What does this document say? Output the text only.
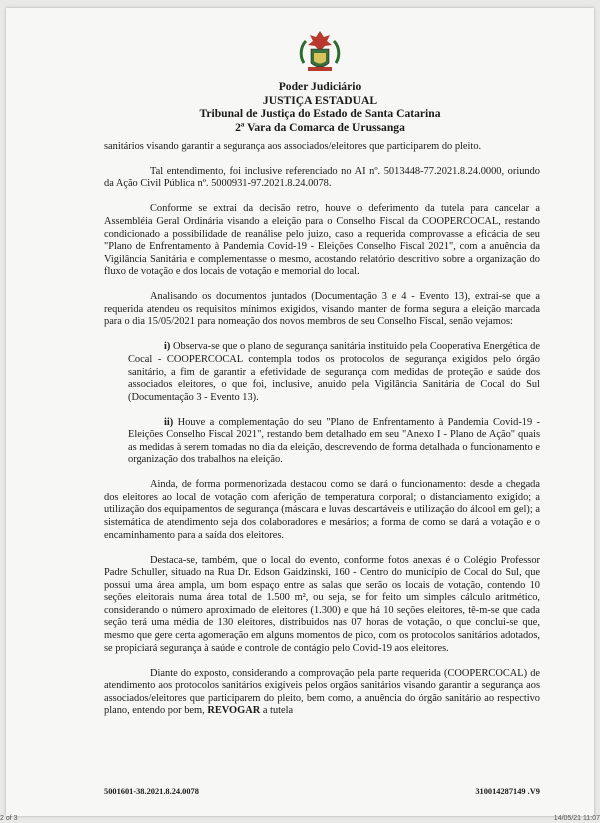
Poder Judiciário
JUSTIÇA ESTADUAL
Tribunal de Justiça do Estado de Santa Catarina
2ª Vara da Comarca de Urussanga

sanitários visando garantir a segurança aos associados/eleitores que participarem do pleito.

Tal entendimento, foi inclusive referenciado no AI nº. 5013448-77.2021.8.24.0000, oriundo da Ação Civil Pública nº. 5000931-97.2021.8.24.0078.

Conforme se extrai da decisão retro, houve o deferimento da tutela para cancelar a Assembléia Geral Ordinária visando a eleição para o Conselho Fiscal da COOPERCOCAL, restando condicionado a possibilidade de reanálise pelo juizo, caso a requerida comprovasse a eficácia de seu "Plano de Enfrentamento à Pandemia Covid-19 - Eleições Conselho Fiscal 2021", com a anuência da Vigilância Sanitária e complementasse o mesmo, acostando relatório descritivo sobre a organização do fluxo de votação e dos locais de votação e memorial do local.

Analisando os documentos juntados (Documentação 3 e 4 - Evento 13), extrai-se que a requerida atendeu os requisitos mínimos exigidos, visando manter de forma segura a eleição marcada para o dia 15/05/2021 para nomeação dos novos membros de seu Conselho Fiscal, senão vejamos:

i) Observa-se que o plano de segurança sanitária instituido pela Cooperativa Energética de Cocal - COOPERCOCAL contempla todos os protocolos de segurança exigidos pelo órgão sanitário, a fim de garantir a efetividade de segurança com medidas de proteção e saúde dos associados eleitores, o que foi, inclusive, anuido pela Vigilância Sanitária de Cocal do Sul (Documentação 3 - Evento 13).

ii) Houve a complementação do seu "Plano de Enfrentamento à Pandemia Covid-19 - Eleições Conselho Fiscal 2021", restando bem detalhado em seu "Anexo I - Plano de Ação" quais as medidas à serem tomadas no dia da eleição, descrevendo de forma detalhada o funcionamento e organização dos trabalhos na eleição.

Ainda, de forma pormenorizada destacou como se dará o funcionamento: desde a chegada dos eleitores ao local de votação com aferição de temperatura corporal; o distanciamento exigido; a utilização dos equipamentos de segurança (máscara e luvas descartáveis e utilização do álcool em gel); a sistemática de atendimento seja dos colaboradores e mesários; a forma de como se dará a votação e o encaminhamento para a saída dos eleitores.

Destaca-se, também, que o local do evento, conforme fotos anexas é o Colégio Professor Padre Schuller, situado na Rua Dr. Edson Gaidzinski, 160 - Centro do município de Cocal do Sul, que possui uma área ampla, um bom espaço entre as salas que serão os locais de votação, contendo 10 seções eleitorais numa área total de 1.500 m², ou seja, se for feito um simples cálculo aritmético, considerando o número aproximado de eleitores (1.300) e que há 10 seções eleitores, tê-m-se que cada seção terá uma média de 130 eleitores, distribuidos nas 07 horas de votação, o que conclui-se que, mesmo que gere certa agomeração em alguns momentos de pico, com os protocolos sanitários adotados, se propiciará segurança à saúde e controle de contágio pelo Covid-19 aos eleitores.

Diante do exposto, considerando a comprovação pela parte requerida (COOPERCOCAL) de atendimento aos protocolos sanitários exigíveis pelos orgãos sanitários visando garantir a segurança aos associados/eleitores que participarem do pleito, bem como, a anuência do órgão sanitário ao respectivo plano, entendo por bem, REVOGAR a tutela

5001601-38.2021.8.24.0078	310014287149 .V9
2 of 3	14/05/21 11:07
